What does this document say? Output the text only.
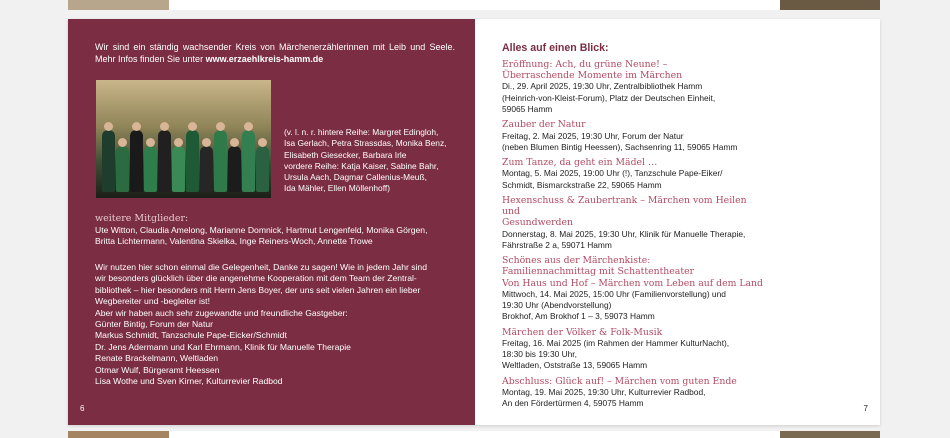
Wir sind ein ständig wachsender Kreis von Märchenerzählerinnen mit Leib und Seele. Mehr Infos finden Sie unter www.erzaehlkreis-hamm.de
(v. l. n. r. hintere Reihe: Margret Edingloh,
Isa Gerlach, Petra Strassdas, Monika Benz,
Elisabeth Giesecker, Barbara Irle
vordere Reihe: Katja Kaiser, Sabine Bahr,
Ursula Aach, Dagmar Callenius-Meuß,
Ida Mähler, Ellen Möllenhoff)
weitere Mitglieder:
Ute Witton, Claudia Amelong, Marianne Domnick, Hartmut Lengenfeld, Monika Görgen,
Britta Lichtermann, Valentina Skielka, Inge Reiners-Woch, Annette Trowe
Wir nutzen hier schon einmal die Gelegenheit, Danke zu sagen! Wie in jedem Jahr sind
wir besonders glücklich über die angenehme Kooperation mit dem Team der Zentral-
bibliothek – hier besonders mit Herrn Jens Boyer, der uns seit vielen Jahren ein lieber
Wegbereiter und -begleiter ist!
Aber wir haben auch sehr zugewandte und freundliche Gastgeber:
Günter Bintig, Forum der Natur
Markus Schmidt, Tanzschule Pape-Eicker/Schmidt
Dr. Jens Adermann und Karl Ehrmann, Klinik für Manuelle Therapie
Renate Brackelmann, Weltladen
Otmar Wulf, Bürgeramt Heessen
Lisa Wothe und Sven Kirner, Kulturrevier Radbod
6
Alles auf einen Blick:
Eröffnung: Ach, du grüne Neune! –
Überraschende Momente im Märchen
Di., 29. April 2025, 19:30 Uhr, Zentralbibliothek Hamm
(Heinrich-von-Kleist-Forum), Platz der Deutschen Einheit,
59065 Hamm
Zauber der Natur
Freitag, 2. Mai 2025, 19:30 Uhr, Forum der Natur
(neben Blumen Bintig Heessen), Sachsenring 11, 59065 Hamm
Zum Tanze, da geht ein Mädel …
Montag, 5. Mai 2025, 19:00 Uhr (!), Tanzschule Pape-Eiker/
Schmidt, Bismarckstraße 22, 59065 Hamm
Hexenschuss & Zaubertrank – Märchen vom Heilen und
Gesundwerden
Donnerstag, 8. Mai 2025, 19:30 Uhr, Klinik für Manuelle Therapie,
Fährstraße 2 a, 59071 Hamm
Schönes aus der Märchenkiste:
Familiennachmittag mit Schattentheater
Von Haus und Hof – Märchen vom Leben auf dem Land
Mittwoch, 14. Mai 2025, 15:00 Uhr (Familienvorstellung) und
19:30 Uhr (Abendvorstellung)
Brokhof, Am Brokhof 1 – 3, 59073 Hamm
Märchen der Völker & Folk-Musik
Freitag, 16. Mai 2025 (im Rahmen der Hammer KulturNacht),
18:30 bis 19:30 Uhr,
Weltladen, Oststraße 13, 59065 Hamm
Abschluss: Glück auf! – Märchen vom guten Ende
Montag, 19. Mai 2025, 19:30 Uhr, Kulturrevier Radbod,
An den Fördertürmen 4, 59075 Hamm
7
